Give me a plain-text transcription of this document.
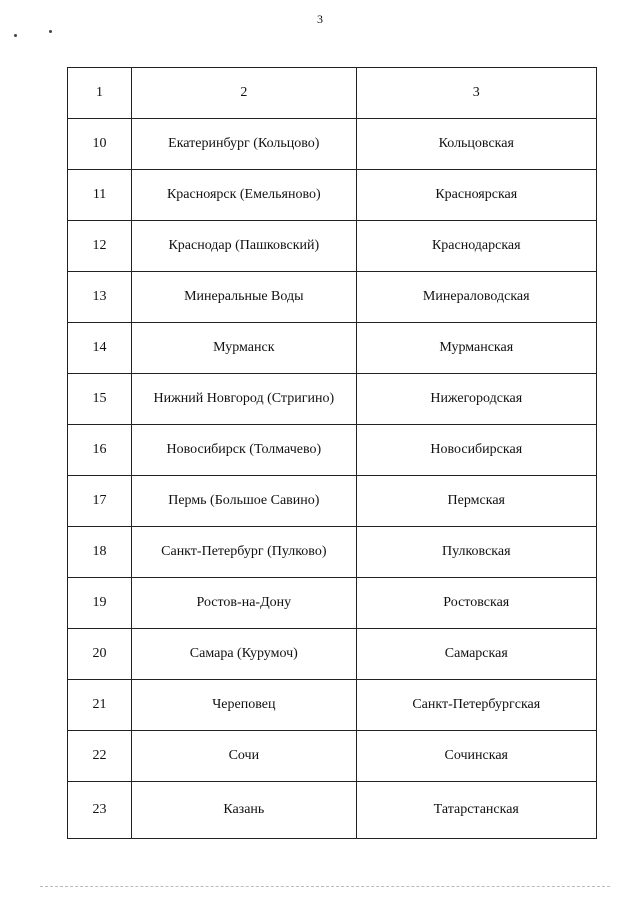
3
1	2	3
10	Екатеринбург (Кольцово)	Кольцовская
11	Красноярск (Емельяново)	Красноярская
12	Краснодар (Пашковский)	Краснодарская
13	Минеральные Воды	Минераловодская
14	Мурманск	Мурманская
15	Нижний Новгород (Стригино)	Нижегородская
16	Новосибирск (Толмачево)	Новосибирская
17	Пермь (Большое Савино)	Пермская
18	Санкт-Петербург (Пулково)	Пулковская
19	Ростов-на-Дону	Ростовская
20	Самара (Курумоч)	Самарская
21	Череповец	Санкт-Петербургская
22	Сочи	Сочинская
23	Казань	Татарстанская
